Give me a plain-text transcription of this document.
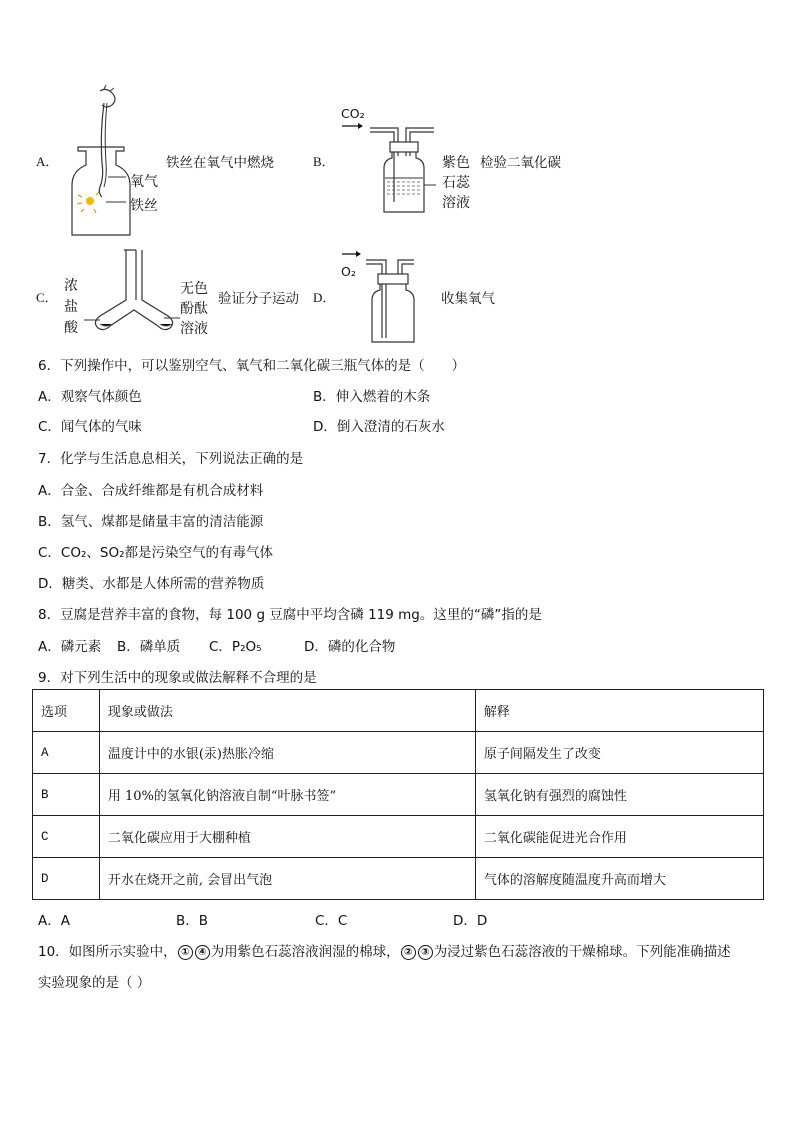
A．
氧气
铁丝
铁丝在氧气中燃烧	B．
CO₂
紫色
石蕊
溶液
检验二氧化碳
C．
浓
盐
酸
无色
酚酞
溶液
验证分子运动 D．
O₂
收集氧气
6．下列操作中，可以鉴别空气、氧气和二氧化碳三瓶气体的是（　　）
A．观察气体颜色	B．伸入燃着的木条
C．闻气体的气味	D．倒入澄清的石灰水
7．化学与生活息息相关，下列说法正确的是
A．合金、合成纤维都是有机合成材料
B．氢气、煤都是储量丰富的清洁能源
C．CO₂、SO₂都是污染空气的有毒气体
D．糖类、水都是人体所需的营养物质
8．豆腐是营养丰富的食物，每 100 g 豆腐中平均含磷 119 mg。这里的“磷”指的是
A．磷元素 B．磷单质 C．P₂O₅	D．磷的化合物
9．对下列生活中的现象或做法解释不合理的是
选项	现象或做法	解释
A	温度计中的水银(汞)热胀冷缩	原子间隔发生了改变
B	用 10%的氢氧化钠溶液自制“叶脉书签”	氢氧化钠有强烈的腐蚀性
C	二氧化碳应用于大棚种植	二氧化碳能促进光合作用
D	开水在烧开之前, 会冒出气泡	气体的溶解度随温度升高而增大
A．A	B．B	C．C	D．D
10．如图所示实验中， ① ④ 为用紫色石蕊溶液润湿的棉球， ② ③ 为浸过紫色石蕊溶液的干燥棉球。下列能准确描述
实验现象的是（ ）
